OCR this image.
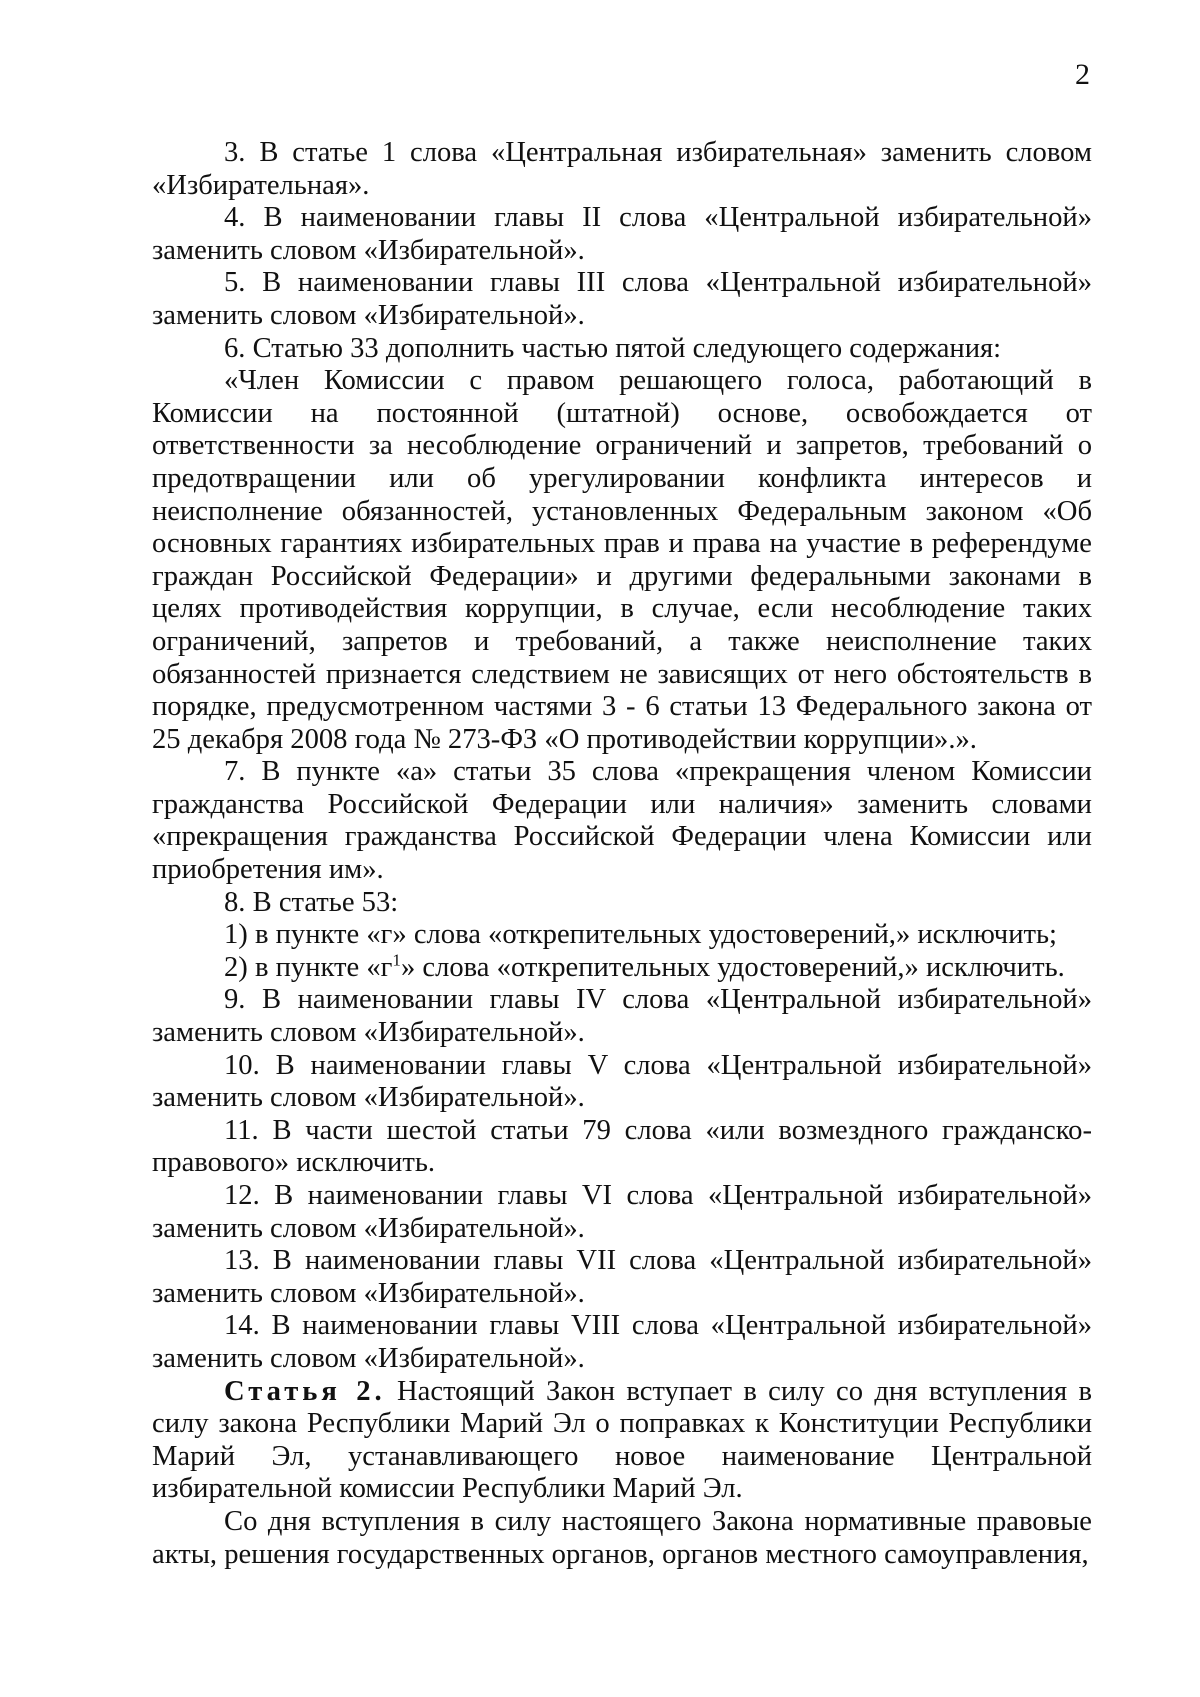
2

3. В статье 1 слова «Центральная избирательная» заменить словом «Избирательная».

4. В наименовании главы II слова «Центральной избирательной» заменить словом «Избирательной».

5. В наименовании главы III слова «Центральной избирательной» заменить словом «Избирательной».

6. Статью 33 дополнить частью пятой следующего содержания:

«Член Комиссии с правом решающего голоса, работающий в Комиссии на постоянной (штатной) основе, освобождается от ответственности за несоблюдение ограничений и запретов, требований о предотвращении или об урегулировании конфликта интересов и неисполнение обязанностей, установленных Федеральным законом «Об основных гарантиях избирательных прав и права на участие в референдуме граждан Российской Федерации» и другими федеральными законами в целях противодействия коррупции, в случае, если несоблюдение таких ограничений, запретов и требований, а также неисполнение таких обязанностей признается следствием не зависящих от него обстоятельств в порядке, предусмотренном частями 3 - 6 статьи 13 Федерального закона от 25 декабря 2008 года № 273-ФЗ «О противодействии коррупции».».

7. В пункте «а» статьи 35 слова «прекращения членом Комиссии гражданства Российской Федерации или наличия» заменить словами «прекращения гражданства Российской Федерации члена Комиссии или приобретения им».

8. В статье 53:

1) в пункте «г» слова «открепительных удостоверений,» исключить;

2) в пункте «$г^1$» слова «открепительных удостоверений,» исключить.

9. В наименовании главы IV слова «Центральной избирательной» заменить словом «Избирательной».

10. В наименовании главы V слова «Центральной избирательной» заменить словом «Избирательной».

11. В части шестой статьи 79 слова «или возмездного гражданско-правового» исключить.

12. В наименовании главы VI слова «Центральной избирательной» заменить словом «Избирательной».

13. В наименовании главы VII слова «Центральной избирательной» заменить словом «Избирательной».

14. В наименовании главы VIII слова «Центральной избирательной» заменить словом «Избирательной».

Статья 2. Настоящий Закон вступает в силу со дня вступления в силу закона Республики Марий Эл о поправках к Конституции Республики Марий Эл, устанавливающего новое наименование Центральной избирательной комиссии Республики Марий Эл.

Со дня вступления в силу настоящего Закона нормативные правовые акты, решения государственных органов, органов местного самоуправления,
